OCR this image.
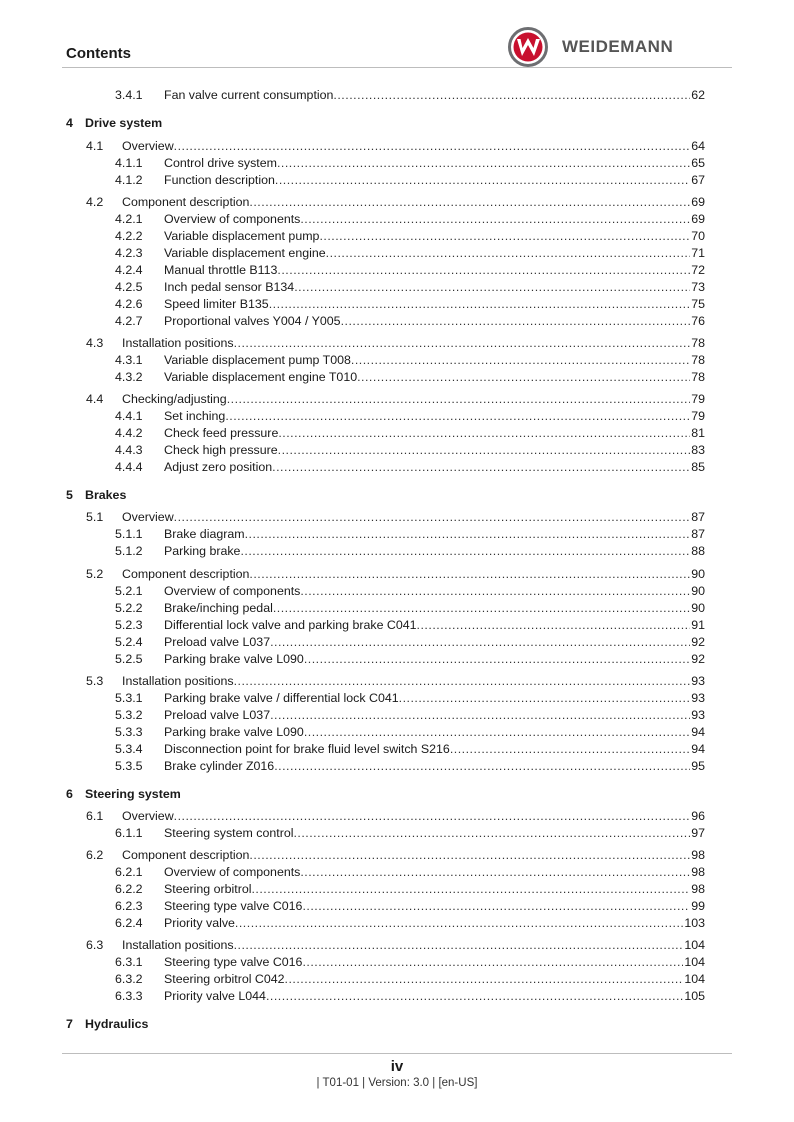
Contents	WEIDEMANN
3.4.1 Fan valve current consumption .....	62
4 Drive system
4.1 Overview .....	64
4.1.1 Control drive system .....	65
4.1.2 Function description .....	67
4.2 Component description .....	69
4.2.1 Overview of components .....	69
4.2.2 Variable displacement pump .....	70
4.2.3 Variable displacement engine .....	71
4.2.4 Manual throttle B113 .....	72
4.2.5 Inch pedal sensor B134 .....	73
4.2.6 Speed limiter B135 .....	75
4.2.7 Proportional valves Y004 / Y005 .....	76
4.3 Installation positions .....	78
4.3.1 Variable displacement pump T008 .....	78
4.3.2 Variable displacement engine T010 .....	78
4.4 Checking/adjusting .....	79
4.4.1 Set inching .....	79
4.4.2 Check feed pressure .....	81
4.4.3 Check high pressure .....	83
4.4.4 Adjust zero position .....	85
5 Brakes
5.1 Overview .....	87
5.1.1 Brake diagram .....	87
5.1.2 Parking brake .....	88
5.2 Component description .....	90
5.2.1 Overview of components .....	90
5.2.2 Brake/inching pedal .....	90
5.2.3 Differential lock valve and parking brake C041 .....	91
5.2.4 Preload valve L037 .....	92
5.2.5 Parking brake valve L090 .....	92
5.3 Installation positions .....	93
5.3.1 Parking brake valve / differential lock C041 .....	93
5.3.2 Preload valve L037 .....	93
5.3.3 Parking brake valve L090 .....	94
5.3.4 Disconnection point for brake fluid level switch S216 .....	94
5.3.5 Brake cylinder Z016 .....	95
6 Steering system
6.1 Overview .....	96
6.1.1 Steering system control .....	97
6.2 Component description .....	98
6.2.1 Overview of components .....	98
6.2.2 Steering orbitrol .....	98
6.2.3 Steering type valve C016 .....	99
6.2.4 Priority valve .....	103
6.3 Installation positions .....	104
6.3.1 Steering type valve C016 .....	104
6.3.2 Steering orbitrol C042 .....	104
6.3.3 Priority valve L044 .....	105
7 Hydraulics
iv
| T01-01 | Version: 3.0 | [en-US]
